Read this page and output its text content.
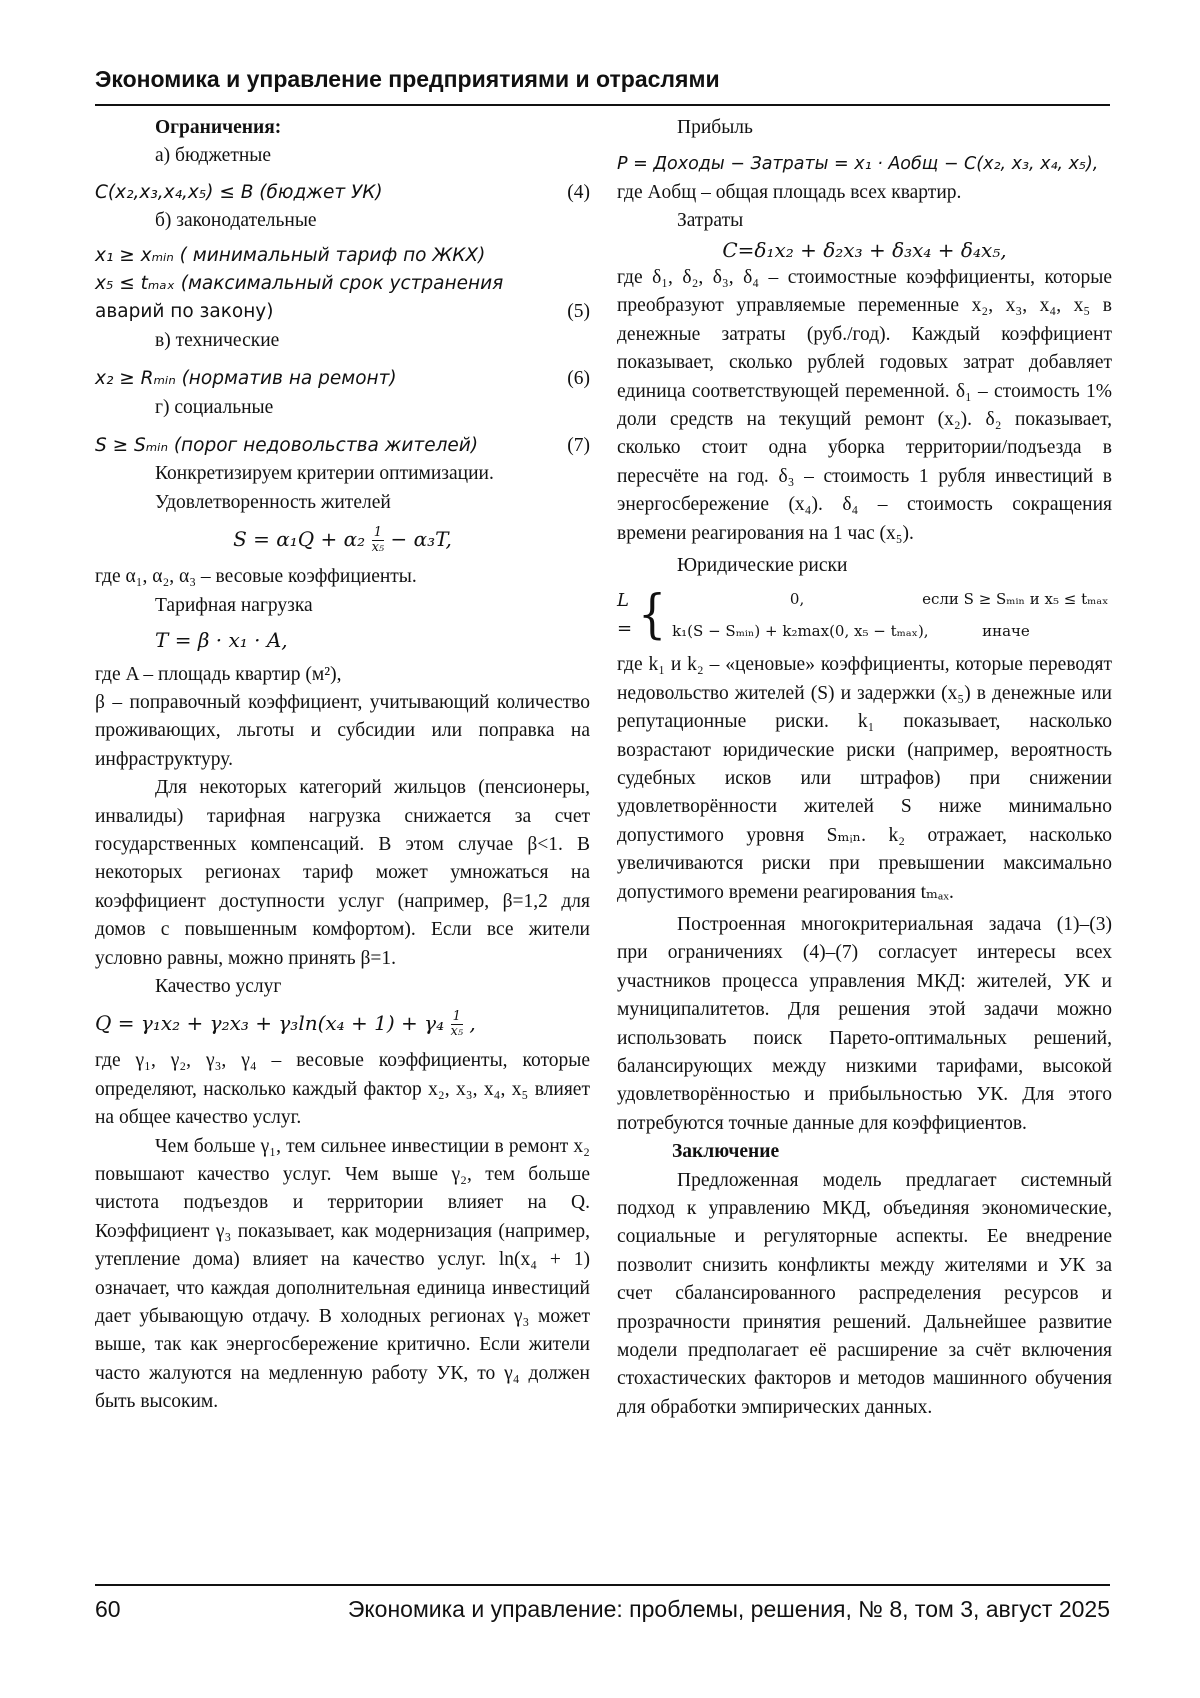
Экономика и управление предприятиями и отраслями

Ограничения:

а) бюджетные

C(x₂,x₃,x₄,x₅) ≤ B (бюджет УК)	(4)

б) законодательные

x₁ ≥ xₘᵢₙ ( минимальный тариф по ЖКХ)
x₅ ≤ tₘₐₓ (максимальный срок устранения
аварий по закону)	(5)

в) технические

x₂ ≥ Rₘᵢₙ (норматив на ремонт)	(6)

г) социальные

S ≥ Sₘᵢₙ (порог недовольства жителей)	(7)

Конкретизируем критерии оптимизации.

Удовлетворенность жителей

$S = \alpha_1Q + \alpha_2 \frac{1}{\text{x₅}} - \alpha_3T$,

где α₁, α₂, α₃ – весовые коэффициенты.

Тарифная нагрузка

T = β · x₁ · A,

где A – площадь квартир (м²),

β – поправочный коэффициент, учитывающий количество проживающих, льготы и субсидии или поправка на инфраструктуру.

Для некоторых категорий жильцов (пенсионеры, инвалиды) тарифная нагрузка снижается за счет государственных компенсаций. В этом случае β<1. В некоторых регионах тариф может умножаться на коэффициент доступности услуг (например, β=1,2 для домов с повышенным комфортом). Если все жители условно равны, можно принять β=1.

Качество услуг

$Q = \gamma_1x_2 + \gamma_2x_3 + \gamma_3\ln(x_4 + 1) + \gamma_4 \frac{1}{\text{x₅}}$ ,

где γ₁, γ₂, γ₃, γ₄ – весовые коэффициенты, которые определяют, насколько каждый фактор x₂, x₃, x₄, x₅ влияет на общее качество услуг.

Чем больше γ₁, тем сильнее инвестиции в ремонт x₂ повышают качество услуг. Чем выше γ₂, тем больше чистота подъездов и территории влияет на Q. Коэффициент γ₃ показывает, как модернизация (например, утепление дома) влияет на качество услуг. ln(x₄ + 1) означает, что каждая дополнительная единица инвестиций дает убывающую отдачу. В холодных регионах γ₃ может выше, так как энергосбережение критично. Если жители часто жалуются на медленную работу УК, то γ₄ должен быть высоким.

Прибыль

P = Доходы − Затраты = x₁ · Aобщ − C(x₂, x₃, x₄, x₅),

где Aобщ – общая площадь всех квартир.

Затраты

C=δ₁x₂ + δ₂x₃ + δ₃x₄ + δ₄x₅,

где δ₁, δ₂, δ₃, δ₄ – стоимостные коэффициенты, которые преобразуют управляемые переменные x₂, x₃, x₄, x₅ в денежные затраты (руб./год). Каждый коэффициент показывает, сколько рублей годовых затрат добавляет единица соответствующей переменной. δ₁ – стоимость 1% доли средств на текущий ремонт (x₂). δ₂ показывает, сколько стоит одна уборка территории/подъезда в пересчёте на год. δ₃ – стоимость 1 рубля инвестиций в энергосбережение (x₄). δ₄ – стоимость сокращения времени реагирования на 1 час (x₅).

Юридические риски

L = {	0,	если S ≥ Sₘᵢₙ и x₅ ≤ tₘₐₓ
k₁(S − Sₘᵢₙ) + k₂max(0, x₅ − tₘₐₓ),	иначе

где k₁ и k₂ – «ценовые» коэффициенты, которые переводят недовольство жителей (S) и задержки (x₅) в денежные или репутационные риски. k₁ показывает, насколько возрастают юридические риски (например, вероятность судебных исков или штрафов) при снижении удовлетворённости жителей S ниже минимально допустимого уровня Sₘᵢₙ. k₂ отражает, насколько увеличиваются риски при превышении максимально допустимого времени реагирования tₘₐₓ.

Построенная многокритериальная задача (1)–(3) при ограничениях (4)–(7) согласует интересы всех участников процесса управления МКД: жителей, УК и муниципалитетов. Для решения этой задачи можно использовать поиск Парето-оптимальных решений, балансирующих между низкими тарифами, высокой удовлетворённостью и прибыльностью УК. Для этого потребуются точные данные для коэффициентов.

Заключение

Предложенная модель предлагает системный подход к управлению МКД, объединяя экономические, социальные и регуляторные аспекты. Ее внедрение позволит снизить конфликты между жителями и УК за счет сбалансированного распределения ресурсов и прозрачности принятия решений. Дальнейшее развитие модели предполагает её расширение за счёт включения стохастических факторов и методов машинного обучения для обработки эмпирических данных.

60	Экономика и управление: проблемы, решения, № 8, том 3, август 2025
